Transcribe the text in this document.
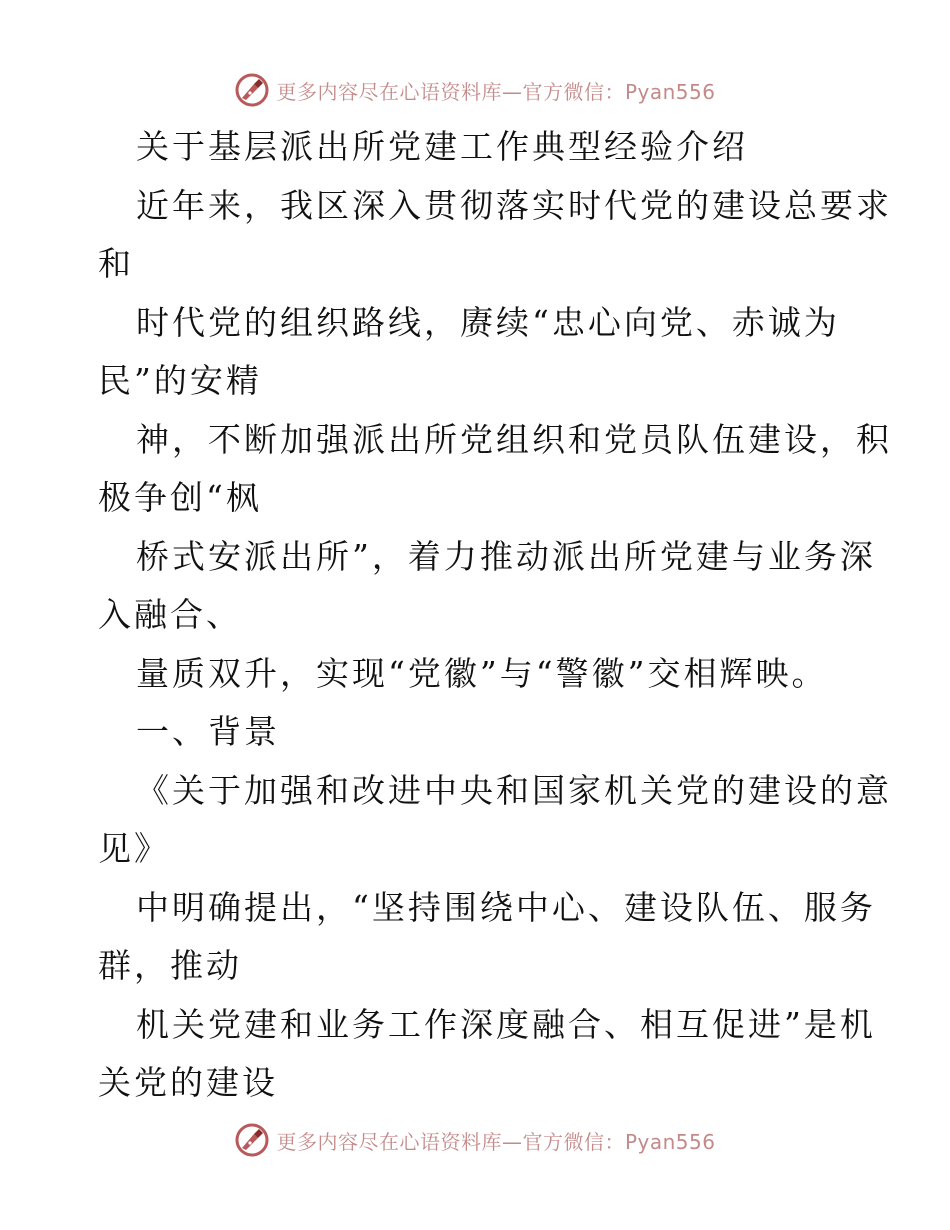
更多内容尽在心语资料库—官方微信：Pyan556
关于基层派出所党建工作典型经验介绍
近年来，我区深入贯彻落实时代党的建设总要求
和
时代党的组织路线，赓续“忠心向党、赤诚为
民”的安精
神，不断加强派出所党组织和党员队伍建设，积
极争创“枫
桥式安派出所”，着力推动派出所党建与业务深
入融合、
量质双升，实现“党徽”与“警徽”交相辉映。
一、背景
《关于加强和改进中央和国家机关党的建设的意
见》
中明确提出，“坚持围绕中心、建设队伍、服务
群，推动
机关党建和业务工作深度融合、相互促进”是机
关党的建设
更多内容尽在心语资料库—官方微信：Pyan556
